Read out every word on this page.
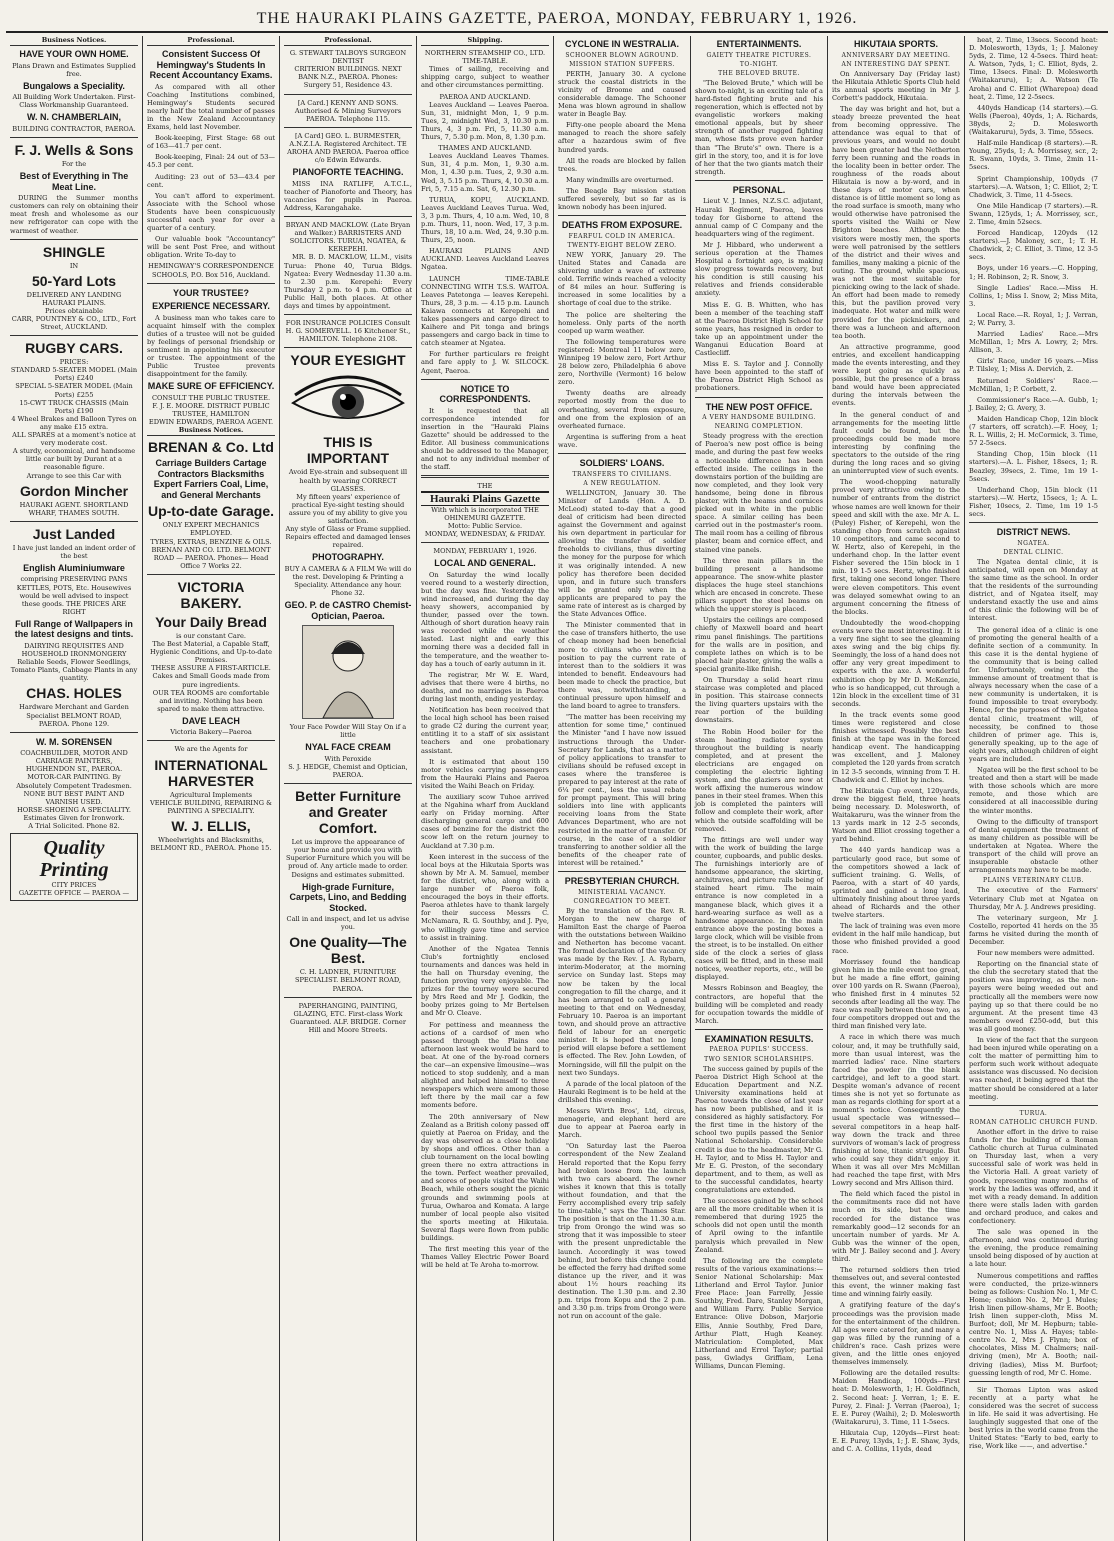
THE HAURAKI PLAINS GAZETTE, PAEROA, MONDAY, FEBRUARY 1, 1926.
Business Notices.
HAVE YOUR OWN HOME.
Plans Drawn and Estimates Supplied free.
Bungalows a Speciality.
All Building Work Undertaken. First-Class Workmanship Guaranteed.
W. N. CHAMBERLAIN,
BUILDING CONTRACTOR, PAEROA.
F. J. Wells & Sons
For the
Best of Everything in The Meat Line.

DURING the Summer months customers can rely on obtaining their meat fresh and wholesome as our new refrigerator can cope with the warmest of weather.

SHINGLE
IN
50-Yard Lots
DELIVERED ANY LANDING HAURAKI PLAINS.
Prices obtainable
CARR, POUNTNEY & CO., LTD., Fort Street, AUCKLAND.
RUGBY CARS.
PRICES:
STANDARD 5-SEATER MODEL (Main Ports) £240
SPECIAL 5-SEATER MODEL (Main Ports) £255
15-CWT TRUCK CHASSIS (Main Ports) £190
4 Wheel Brakes and Balloon Tyres on any make £15 extra.
ALL SPARES at a moment's notice at very moderate cost.
A sturdy, economical, and handsome little car built by Durant at a reasonable figure.
Arrange to see this Car with
Gordon Mincher
HAURAKI AGENT. SHORTLAND WHARF, THAMES SOUTH.
Just Landed
I have just landed an indent order of the best
English Aluminiumware
comprising PRESERVING PANS KETTLES, POTS, Etc. Housewives would be well advised to inspect these goods. THE PRICES ARE RIGHT
Full Range of Wallpapers in the latest designs and tints.
DAIRYING REQUISITES AND HOUSEHOLD IRONMONGERY Reliable Seeds, Flower Seedlings, Tomato Plants, Cabbage Plants in any quantity.
CHAS. HOLES
Hardware Merchant and Garden Specialist BELMONT ROAD, PAEROA. Phone 129.
W. M. SORENSEN
COACHBUILDER, MOTOR AND CARRIAGE PAINTERS, HUGHENDON ST., PAEROA.
MOTOR-CAR PAINTING. By Absolutely Competent Tradesmen.
NONE BUT BEST PAINT AND VARNISH USED.
HORSE-SHOEING A SPECIALITY.
Estimates Given for Ironwork.
A Trial Solicited. Phone 82.
Quality Printing
CITY PRICES
GAZETTE OFFICE — PAEROA —
Professional.
Consistent Success Of Hemingway's Students In Recent Accountancy Exams.

As compared with all other Coaching Institutions combined, Hemingway's Students secured nearly half the total number of passes in the New Zealand Accountancy Exams, held last November.

Book-keeping, First Stage: 68 out of 163—41.7 per cent.

Book-keeping, Final: 24 out of 53—45.3 per cent.

Auditing: 23 out of 53—43.4 per cent.

You can't afford to experiment. Associate with the School whose Students have been conspicuously successful each year for over a quarter of a century.

Our valuable book "Accountancy" will be sent Post Free, and without obligation. Write To-day to

HEMINGWAY'S CORRESPONDENCE SCHOOLS, P.O. Box 516, Auckland.
YOUR TRUSTEE?
EXPERIENCE NECESSARY.

A business man who takes care to acquaint himself with the complex duties of a trustee will not be guided by feelings of personal friendship or sentiment in appointing his executor or trustee. The appointment of the Public Trustee prevents disappointment for the family.

MAKE SURE OF EFFICIENCY.
CONSULT THE PUBLIC TRUSTEE.
F. J. E. MOORE. DISTRICT PUBLIC TRUSTEE, HAMILTON
EDWIN EDWARDS, PAEROA AGENT.
Business Notices.
BRENAN & Co. Ltd
Carriage Builders Cartage Contractors Blacksmiths Expert Farriers Coal, Lime, and General Merchants
Up-to-date Garage.
ONLY EXPERT MECHANICS EMPLOYED.
TYRES, EXTRAS, BENZINE & OILS.
BRENAN AND CO. LTD. BELMONT ROAD — PAEROA. Phones— Head Office 7 Works 22.
VICTORIA BAKERY.
Your Daily Bread
is our constant Care.
The Best Material, a Capable Staff, Hygienic Conditions, and Up-to-date Premises.
THESE ASSURE A FIRST-ARTICLE.
Cakes and Small Goods made from pure ingredients.
OUR TEA ROOMS are comfortable and inviting. Nothing has been spared to make them attractive.
DAVE LEACH
Victoria Bakery—Paeroa
We are the Agents for
INTERNATIONAL HARVESTER
Agricultural Implements
VEHICLE BUILDING, REPAIRING & PAINTING A SPECIALITY.
W. J. ELLIS,
Wheelwrights and Blacksmiths, BELMONT RD., PAEROA. Phone 15.
Professional.
G. STEWART TALBOYS SURGEON DENTIST
CRITERION BUILDINGS. NEXT BANK N.Z., PAEROA. Phones: Surgery 51, Residence 43.
[A Card.] KENNY AND SONS. Authorised & Mining Surveyors PAEROA. Telephone 115.
[A Card] GEO. L. BURMESTER, A.N.Z.I.A. Registered Architect. TE AROHA AND PAEROA. Paeroa office c/o Edwin Edwards.
PIANOFORTE TEACHING.

MISS INA RATLIFF, A.T.C.L., teacher of Pianoforte and Theory, has vacancies for pupils in Paeroa. Address, Karangahake.

BRYAN AND MACKLOW. (Late Bryan and Walker.) BARRISTERS AND SOLICITORS. TURUA, NGATEA, & KEREPEHI.

MR. B. D. MACKLOW, LL.M., visits Turua: Phone 40, Turua Bldgs. Ngatea: Every Wednesday 11.30 a.m. to 2.30 p.m. Kerepehi: Every Thursday 2 p.m. to 4 p.m. Office at Public Hall, both places. At other days and times by appointment.

FOR INSURANCE POLICIES Consult H. G. SOMERVELL. 16 Kitchener St., HAMILTON. Telephone 2108.
YOUR EYESIGHT
THIS IS IMPORTANT
Avoid Eye-strain and subsequent ill health by wearing CORRECT GLASSES.
My fifteen years' experience of practical Eye-sight testing should assure you of my ability to give you satisfaction.
Any style of Glass or Frame supplied.
Repairs effected and damaged lenses repaired.
PHOTOGRAPHY.
BUY A CAMERA & A FILM We will do the rest. Developing & Printing a Speciality. Attendance any hour. Phone 32.
GEO. P. de CASTRO Chemist-Optician, Paeroa.
Your Face Powder Will Stay On if a little
NYAL FACE CREAM
With Peroxide
S. J. HEDGE, Chemist and Optician, PAEROA.
Better Furniture and Greater Comfort.
Let us improve the appearance of your home and provide you with Superior Furniture which you will be proud of. Any article made to order. Designs and estimates submitted.
High-grade Furniture, Carpets, Lino, and Bedding Stocked.
Call in and inspect, and let us advise you.
One Quality—The Best.
C. H. LADNER, FURNITURE SPECIALIST. BELMONT ROAD, PAEROA.
PAPERHANGING, PAINTING, GLAZING, ETC. First-class Work Guaranteed. ALF. BRIDGE. Corner Hill and Moore Streets.
Shipping.
NORTHERN STEAMSHIP CO., LTD.
TIME-TABLE.

Times of sailing, receiving and shipping cargo, subject to weather and other circumstances permitting.

PAEROA AND AUCKLAND.

Leaves Auckland — Leaves Paeroa. Sun, 31, midnight Mon, 1, 9 p.m. Tues, 2, midnight Wed, 3, 10.30 p.m. Thurs, 4, 3 p.m. Fri, 5, 11.30 a.m. Thurs, 7, 5.30 p.m. Mon, 8, 1.30 p.m.

THAMES AND AUCKLAND.

Leaves Auckland Leaves Thames. Sun, 31, 4 p.m. Mon, 1, 9.30 a.m. Mon, 1, 4.30 p.m. Tues, 2, 9.30 a.m. Wed, 3, 5.15 p.m. Thurs, 4, 10.30 a.m. Fri, 5, 7.15 a.m. Sat, 6, 12.30 p.m.

TURUA, KOPU, AUCKLAND. Leaves Auckland Leaves Turua. Wed, 3, 3 p.m. Thurs, 4, 10 a.m. Wed, 10, 8 p.m. Thurs, 11, noon. Wed, 17, 3 p.m. Thurs, 18, 10 a.m. Wed, 24, 9.30 p.m. Thurs, 25, noon.

HAURAKI PLAINS AND AUCKLAND. Leaves Auckland Leaves Ngatea.

LAUNCH TIME-TABLE CONNECTING WITH T.S.S. WAITOA. Leaves Patetonga — leaves Kerepehi. Thurs, 28, 3 p.m. — 4.15 p.m. Launch Kaiawa connects at Kerepehi and takes passengers and cargo direct to Kaihere and Pit tonga and brings passengers and cargo back in time to catch steamer at Ngatea.

For further particulars re freight and fare apply to J. W. SILCOCK. Agent, Paeroa.

NOTICE TO CORRESPONDENTS.

It is requested that all correspondence intended for insertion in the "Hauraki Plains Gazette" should be addressed to the Editor. All business communications should be addressed to the Manager, and not to any individual member of the staff.

THE
Hauraki Plains Gazette
With which is incorporated THE OHINEMURI GAZETTE.
Motto: Public Service.
MONDAY, WEDNESDAY, & FRIDAY.
MONDAY, FEBRUARY 1, 1926.
LOCAL AND GENERAL.

On Saturday the wind locally veered round to a westerly direction, but the day was fine. Yesterday the wind increased, and during the day heavy showers, accompanied by thunder, passed over the town. Although of short duration heavy rain was recorded while the weather lasted. Last night and early this morning there was a decided fall in the temperature, and the weather to-day has a touch of early autumn in it.

The registrar, Mr W. E. Ward, advises that there were 4 births, no deaths, and no marriages in Paeroa during last month, ending yesterday.

Notification has been received that the local high school has been raised to grade C2 during the current year, entitling it to a staff of six assistant teachers and one probationary assistant.

It is estimated that about 150 motor vehicles carrying passengers from the Hauraki Plains and Paeroa visited the Waihi Beach on Friday.

The auxiliary scow Tuhoe arrived at the Ngahina wharf from Auckland early on Friday morning. After discharging general cargo and 600 cases of benzine for the district the scow left on the return journey to Auckland at 7.30 p.m.

Keen interest in the success of the local boys at the Hikutaia Sports was shown by Mr A. M. Samuel, member for the district, who, along with a large number of Paeroa folk, encouraged the boys in their efforts. Paeroa athletes have to thank largely for their success Messrs C. McNamara, R. G. Southby, and J. Pye, who willingly gave time and service to assist in training.

Another of the Ngatea Tennis Club's fortnightly enclosed tournaments and dances was held in the hall on Thursday evening, the function proving very enjoyable. The prizes for the tourney were secured by Mrs Reed and Mr J. Godkin, the booby prizes going to Mr Bertelsen and Mr O. Cleave.

For pettiness and meanness the actions of a cardsof of men who passed through the Plains one afternoon last week would be hard to beat. At one of the by-road corners the car—an expensive limousine—was noticed to stop suddenly, and a man alighted and helped himself to three newspapers which were among those left there by the mail car a few moments before.

The 20th anniversary of New Zealand as a British colony passed off quietly at Paeroa on Friday, and the day was observed as a close holiday by shops and offices. Other than a club tournament on the local bowling green there no extra attractions in the town. Perfect weather prevailed, and scores of people visited the Waihi Beach, while others sought the picnic grounds and swimming pools at Turua, Owharoa and Komata. A large number of local people also visited the sports meeting at Hikutaia. Several flags were flown from public buildings.

The first meeting this year of the Thames Valley Electric Power Board will be held at Te Aroha to-morrow.

CYCLONE IN WESTRALIA.
SCHOONER BLOWN AGROUND.
MISSION STATION SUFFERS.

PERTH, January 30. A cyclone struck the coastal districts in the vicinity of Broome and caused considerable damage. The Schooner Mena was blown aground in shallow water in Beagle Bay.

Fifty-one people aboard the Mena managed to reach the shore safely after a hazardous swim of five hundred yards.

All the roads are blocked by fallen trees.

Many windmills are overturned.

The Beagle Bay mission station suffered severely, but so far as is known nobody has been injured.

DEATHS FROM EXPOSURE.
FEARFUL COLD IN AMERICA.
TWENTY-EIGHT BELOW ZERO.

NEW YORK, January 29. The United States and Canada are shivering under a wave of extreme cold. Terrific winds reached a velocity of 84 miles an hour. Suffering is increased in some localities by a shortage of coal due to the strike.

The police are sheltering the homeless. Only parts of the north cooped up warm weather.

The following temperatures were registered: Montreal 11 below zero, Winnipeg 19 below zero, Fort Arthur 28 below zero, Philadelphia 6 above zero, Northville (Vermont) 16 below zero.

Twenty deaths are already reported mostly from the due to overheating, several from exposure, and one from the explosion of an overheated furnace.

Argentina is suffering from a heat wave.

SOLDIERS' LOANS.
TRANSFERS TO CIVILIANS.
A NEW REGULATION.

WELLINGTON, January 30. The Minister of Lands (Hon. A. D. McLeod) stated to-day that a good deal of criticism had been directed against the Government and against his own department in particular for allowing the transfer of soldier freeholds to civilians, thus diverting the money for the purpose for which it was originally intended. A new policy has therefore been decided upon, and in future such transfers will be granted only when the applicants are prepared to pay the same rate of interest as is charged by the State Advances Office.

The Minister commented that in the case of transfers hitherto, the use of cheap money had been beneficial more to civilians who were in a position to pay the current rate of interest than to the soldiers it was intended to benefit. Endeavours had been made to check the practice, but there was, notwithstanding, a continual pressure upon himself and the land board to agree to transfers.

"The matter has been receiving my attention for some time," continued the Minister "and I have now issued instructions through the Under-Secretary for Lands, that as a matter of policy applications to transfer to civilians should be refused except in cases where the transferee is prepared to pay interest at the rate of 6¼ per cent., less the usual rebate for prompt payment. This will bring soldiers into line with applicants receiving loans from the State Advances Department, who are not restricted in the matter of transfer. Of course, in the case of a soldier transferring to another soldier all the benefits of the cheaper rate of interest will be retained."

PRESBYTERIAN CHURCH.
MINISTERIAL VACANCY.
CONGREGATION TO MEET.

By the translation of the Rev. R. Morgan to the new charge of Hamilton East the charge of Paeroa with the outstations between Waikino and Netherton has become vacant. The formal declaration of the vacancy was made by the Rev. J. A. Rybarn, interim-Moderator, at the morning service on Sunday last. Steps may now be taken by the local congregation to fill the charge, and it has been arranged to call a general meeting to that end on Wednesday, February 10. Paeroa is an important town, and should prove an attractive field of labour for an energetic minister. It is hoped that no long period will elapse before a settlement is effected. The Rev. John Lowden, of Morningside, will fill the pulpit on the next two Sundays.

A parade of the local platoon of the Hauraki Regiment is to be held at the drillshed this evening.

Messrs Wirth Bros', Ltd, circus, menagerie, and elephant herd are due to appear at Paeroa early in March.

"On Saturday last the Paeroa correspondent of the New Zealand Herald reported that the Kopu ferry had broken loose from the launch with two cars aboard. The owner wishes it known that this is totally without foundation, and that the Ferry accomplished every trip safely to time-table," says the Thames Star. The position is that on the 11.30 a.m. trip from Orongo the wind was so strong that it was impossible to steer with the present unpredictable the launch. Accordingly it was towed behind, but before this change could be effected the ferry had drifted some distance up the river, and it was about 1½ hours reaching its destination. The 1.30 p.m. and 2.30 p.m. trips from Kopu and the 2 p.m. and 3.30 p.m. trips from Orongo were not run on account of the gale.

ENTERTAINMENTS.
GAIETY THEATRE PICTURES.
TO-NIGHT.
THE BELOVED BRUTE.

"The Beloved Brute," which will be shown to-night, is an exciting tale of a hard-fisted fighting brute and his regeneration, which is effected not by evangelistic workers making emotional appeals, but by sheer strength of another rugged fighting man, whose fists prove even harder than "The Brute's" own. There is a girl in the story, too, and it is for love of her that the two giants match their strength.

PERSONAL.

Lieut V. J. Innes, N.Z.S.C. adjutant, Hauraki Regiment, Paeroa, leaves today for Gisborne to attend the annual camp of C Company and the headquarters wing of the regiment.

Mr J. Hibbard, who underwent a serious operation at the Thames Hospital a fortnight ago, is making slow progress towards recovery, but his condition is still causing his relatives and friends considerable anxiety.

Miss E. G. B. Whitten, who has been a member of the teaching staff at the Paeroa District High School for some years, has resigned in order to take up an appointment under the Wanganui Education Board at Castlecliff.

Miss E. S. Taylor and J. Connolly have been appointed to the staff of the Paeroa District High School as probationers.

THE NEW POST OFFICE.
A VERY HANDSOME BUILDING.
NEARING COMPLETION.

Steady progress with the erection of Paeroa's new post office is being made, and during the past few weeks a noticeable difference has been effected inside. The ceilings in the downstairs portion of the building are now completed, and they look very handsome, being done in fibrous plaster, with the beams and cornices picked out in white in the public space. A similar ceiling has been carried out in the postmaster's room. The mail room has a ceiling of fibrous plaster, beam and cornice effect, and stained vine panels.

The three main pillars in the building present a handsome appearance. The snow-white plaster displaces the huge steel stanchions which are encased in concrete. These pillars support the steel beams on which the upper storey is placed.

Upstairs the ceilings are composed chiefly of Maxwell board and heart rimu panel finishings. The partitions for the walls are in position, and complete lathes on which is to be placed hair plaster, giving the walls a special granite-like finish.

On Thursday a solid heart rimu staircase was completed and placed in position. This staircase connects the living quarters upstairs with the rear portion of the building downstairs.

The Robin Hood boiler for the steam heating radiator system throughout the building is nearly completed, and at present the electricians are engaged on completing the electric lighting system, and the glaziers are now at work affixing the numerous window panes in their steel frames. When this job is completed the painters will follow and complete their work, after which the outside scaffolding will be removed.

The fittings are well under way with the work of building the large counter, cupboards, and public desks. The furnishings interiorly are of handsome appearance, the skirting, architraves, and picture rails being of stained heart rimu. The main entrance is now completed in a manganese black, which gives it a hard-wearing surface as well as a handsome appearance. In the main entrance above the posting boxes a large clock, which will be visible from the street, is to be installed. On either side of the clock a series of glass cases will be fitted, and in these mail notices, weather reports, etc., will be displayed.

Messrs Robinson and Beagley, the contractors, are hopeful that the building will be completed and ready for occupation towards the middle of March.

EXAMINATION RESULTS.
PAEROA PUPILS' SUCCESS.
TWO SENIOR SCHOLARSHIPS.

The success gained by pupils of the Paeroa District High School at the Education Department and N.Z. University examinations held at Paeroa towards the close of last year has now been published, and it is considered as highly satisfactory. For the first time in the history of the school two pupils passed the Senior National Scholarship. Considerable credit is due to the headmaster, Mr G. H. Taylor, and to Miss H. Taylor and Mr E. G. Preston, of the secondary department, and to them, as well as to the successful candidates, hearty congratulations are extended.

The successes gained by the school are all the more creditable when it is remembered that during 1925 the schools did not open until the month of April owing to the infantile paralysis which prevailed in New Zealand.

The following are the complete results of the various examinations:— Senior National Scholarship: Max Litherland and Errol Taylor. Junior Free Place: Jean Farrelly, Jessie Southby, Fred. Dare, Stanley Morgan, and William Parry. Public Service Entrance: Olive Dobson, Marjorie Ellis, Annie Southby, Fred Dare, Arthur Platt, Hugh Keaney. Matriculation: Completed, Max Litherland and Errol Taylor; partial pass, Gwladys Griffiam, Lena Williams, Duncan Fleming.

HIKUTAIA SPORTS.
ANNIVERSARY DAY MEETING.
AN INTERESTING DAY SPENT.

On Anniversary Day (Friday last) the Hikutaia Athletic Sports Club held its annual sports meeting in Mr J. Corbett's paddock, Hikutaia.

The day was bright and hot, but a steady breeze prevented the heat from becoming oppressive. The attendance was equal to that of previous years, and would no doubt have been greater had the Netherton ferry been running and the roads in the locality been in better order. The roughness of the roads about Hikutaia is now a by-word, and in these days of motor cars, when distance is of little moment so long as the road surface is smooth, many who would otherwise have patronised the sports visited the Waihi or New Brighton beaches. Although the visitors were mostly men, the sports were well patronised by the settlers of the district and their wives and families, many making a picnic of the outing. The ground, while spacious, was not the most suitable for picnicking owing to the lack of shade. An effort had been made to remedy this, but the pavilion proved very inadequate. Hot water and milk were provided for the picknickers, and there was a luncheon and afternoon tea booth.

An attractive programme, good entries, and excellent handicapping made the events interesting, and they were kept going as quickly as possible, but the presence of a brass band would have been appreciated during the intervals between the events.

In the general conduct of and arrangements for the meeting little fault could be found, but the proceedings could be made more interesting by confining the spectators to the outside of the ring during the long races and so giving an uninterrupted view of such events.

The wood-chopping naturally proved very attractive owing to the number of entrants from the district whose names are well known for their speed and skill with the axe. Mr A. L. (Puley) Fisher, of Kerepehi, won the standing chop from scratch against 10 competitors, and came second to W. Hertz, also of Kerepehi, in the underhand chop. In the latter event Fisher severed the 15in block in 1 min. 19 1-5 secs. Hertz, who finished first, taking one second longer. There were eleven competitors. This event was delayed somewhat owing to an argument concerning the fitness of the blocks.

Undoubtedly the wood-chopping events were the most interesting. It is a very fine sight to see the gleaming axes swing and the big chips fly. Seemingly, the loss of a hand does not offer any very great impediment to experts with the axe. A wonderful exhibition chop by Mr D. McKenzie, who is so handicapped, cut through a 12in block in the excellent time of 31 seconds.

In the track events some good times were registered and close finishes witnessed. Possibly the best finish at the tape was in the forced handicap event. The handicapping was excellent, and J. Maloney completed the 120 yards from scratch in 12 3-5 seconds, winning from T. H. Chadwick and C. Elliot by inches.

The Hikutaia Cup event, 120yards, drew the biggest field, three heats being necessary. D. Molesworth, of Waitakaruru, was the winner from the 13 yards mark in 12 2-5 seconds, Watson and Elliot crossing together a yard behind.

The 440 yards handicap was a particularly good race, but some of the competitors showed a lack of sufficient training. G. Wells, of Paeroa, with a start of 40 yards, sprinted and gained a long lead, ultimately finishing about three yards ahead of Richards and the other twelve starters.

The lack of training was even more evident in the half mile handicap, but those who finished provided a good race.

Morrissey found the handicap given him in the mile event too great, but he made a fine effort, gaining over 100 yards on R. Swann (Paeroa), who finished first in 4 minutes 52 seconds after leading all the way. The race was really between those two, as four competitors dropped out and the third man finished very late.

A race in which there was much colour, and, it may be truthfully said, more than usual interest, was the married ladies' race. Nine starters faced the powder (in the blank cartridge), and left to a good start. Despite woman's advance of recent times she is not yet so fortunate as man as regards clothing for sport at a moment's notice. Consequently the usual spectacle was witnessed—several competitors in a heap half-way down the track and three survivors of woman's lack of progress finishing at lone, titanic struggle. But who could say they didn't enjoy it. When it was all over Mrs McMillan had reached the tape first, with Mrs Lowry second and Mrs Allison third.

The field which faced the pistol in the commitments race did not have much on its side, but the time recorded for the distance was remarkably good—12 seconds for an uncertain number of yards. Mr A. Gubb was the winner of the open, with Mr J. Bailey second and J. Avery third.

The returned soldiers then tried themselves out, and several contested this event, the winner making fast time and winning fairly easily.

A gratifying feature of the day's proceedings was the provision made for the entertainment of the children. All ages were catered for, and many a gap was filled by the running of a children's race. Cash prizes were given, and the little ones enjoyed themselves immensely.

Following are the detailed results: Maiden Handicap, 100yds—First heat: D. Molesworth, 1; H. Goldfinch, 2. Second heat: J. Verran, 1; E. E. Purey, 2. Final: J. Verran (Paeroa), 1; E. E. Purey (Waihi), 2; D. Molesworth (Waitakaruru), 3. Time, 11 1-5secs.

Hikutaia Cup, 120yds—First heat: E. E. Purey, 13yds, 1; J. E. Shaw, 3yds, and C. A. Collins, 11yds, dead

heat, 2. Time, 13secs. Second heat: D. Molesworth, 13yds, 1; J. Maloney 5yds, 2. Time, 12 4-5secs. Third heat: A. Watson, 7yds, 1; C. Elliot, 8yds, 2. Time, 13secs. Final: D. Molesworth (Waitakaruru), 1; A. Watson (Te Aroha) and C. Elliot (Wharepoa) dead heat, 2. Time, 12 2-5secs.

440yds Handicap (14 starters).—G. Wells (Paeroa), 40yds, 1; A. Richards, 38yds, 2; D. Molesworth (Waitakaruru), 5yds, 3. Time, 55secs.

Half-mile Handicap (8 starters).—R. Young, 25yds, 1; A. Morrissey, scr., 2; R. Swann, 10yds, 3. Time, 2min 11-5secs.

Sprint Championship, 100yds (7 starters).—A. Watson, 1; C. Elliot, 2; T. Chadwick, 3. Time, 11 4-5secs.

One Mile Handicap (7 starters).—R. Swann, 125yds, 1; A. Morrissey, scr., 2. Time, 4min 52secs.

Forced Handicap, 120yds (12 starters).—J. Maloney, scr., 1; T. H. Chadwick, 2; C. Elliot, 3. Time, 12 3-5 secs.

Boys, under 16 years.—C. Hopping, 1; H. Robinson, 2; R. Snow, 3.

Single Ladies' Race.—Miss H. Collins, 1; Miss I. Snow, 2; Miss Mita, 3.

Local Race.—R. Royal, 1; J. Verran, 2; W. Parry, 3.

Married Ladies' Race.—Mrs McMillan, 1; Mrs A. Lowry, 2; Mrs. Allison, 3.

Girls' Race, under 16 years.—Miss P. Tilsley, 1; Miss A. Dervich, 2.

Returned Soldiers' Race.—McMillan, 1; P. Corbett, 2.

Commissioner's Race.—A. Gubb, 1; J. Bailey, 2; G. Avery, 3.

Maiden Handicap Chop, 12in block (7 starters, off scratch).—F. Hoey, 1; R. L. Willis, 2; H. McCormick, 3. Time, 57 2-5secs.

Standing Chop, 15in block (11 starters).—A. L. Fisher, 18secs, 1; R. Beazley, 39secs, 2. Time, 1m 19 1-5secs.

Underhand Chop, 15in block (11 starters).—W. Hertz, 15secs, 1; A. L. Fisher, 10secs, 2. Time, 1m 19 1-5 secs.

DISTRICT NEWS.
NGATEA.
DENTAL CLINIC.

The Ngatea dental clinic, it is anticipated, will open on Monday at the same time as the school. In order that the residents of the surrounding district, and of Ngatea itself, may understand exactly the use and aims of this clinic the following will be of interest.

The general idea of a clinic is one of promoting the general health of a definite section of a community. In this case it is the dental hygiene of the community that is being called for. Unfortunately, owing to the immense amount of treatment that is always necessary when the case of a new community is undertaken, it is found impossible to treat everybody. Hence, for the purposes of the Ngatea dental clinic, treatment will, of necessity, be confined to those children of primer age. This is, generally speaking, up to the age of eight years, although children of eight years are included.

Ngatea will be the first school to be treated and then a start will be made with those schools which are more remote, and those which are considered at all inaccessible during the winter months.

Owing to the difficulty of transport of dental equipment the treatment of as many children as possible will be undertaken at Ngatea. Where the transport of the child will prove an insuperable obstacle other arrangements may have to be made.

PLAINS VETERINARY CLUB.

The executive of the Farmers' Veterinary Club met at Ngatea on Thursday, Mr A. J. Andrews presiding.

The veterinary surgeon, Mr J. Costello, reported 41 herds on the 35 farms he visited during the month of December.

Four new members were admitted.

Reporting on the financial state of the club the secretary stated that the position was improving, as the non-payers were being weeded out and practically all the members were now paying up so that there could be no argument. At the present time 43 members owed £250-odd, but this was all good money.

In view of the fact that the surgeon had been injured while operating on a colt the matter of permitting him to perform such work without adequate assistance was discussed. No decision was reached, it being agreed that the matter should be considered at a later meeting.

TURUA.
ROMAN CATHOLIC CHURCH FUND.

Another effort in the drive to raise funds for the building of a Roman Catholic church at Turua culminated on Thursday last, when a very successful sale of work was held in the Victoria Hall. A great variety of goods, representing many months of work by the ladies was offered, and it met with a ready demand. In addition there were stalls laden with garden and orchard produce, and cakes and confectionery.

The sale was opened in the afternoon, and was continued during the evening, the produce remaining unsold being disposed of by auction at a late hour.

Numerous competitions and raffles were conducted, the prize-winners being as follows: Cushion No. 1, Mr C. Home; cushion No. 2, Mr J. Mules; Irish linen pillow-shams, Mr E. Booth; Irish linen supper-cloth, Miss M. Burfoot; doll, Mr M. Hepburn; table-centre No. 1, Miss A. Hayes; table-centre No. 2, Mrs J. Flynn; box of chocolates, Miss M. Chalmers; nail-driving (men), Mr A. Booth; nail-driving (ladies), Miss M. Burfoot; guessing length of rod, Mr C. Home.

Sir Thomas Lipton was asked recently at a party what he considered was the secret of success in life. He said it was advertising. He laughingly suggested that one of the best lyrics in the world came from the United States: "Early to bed, early to rise, Work like ——, and advertise."
